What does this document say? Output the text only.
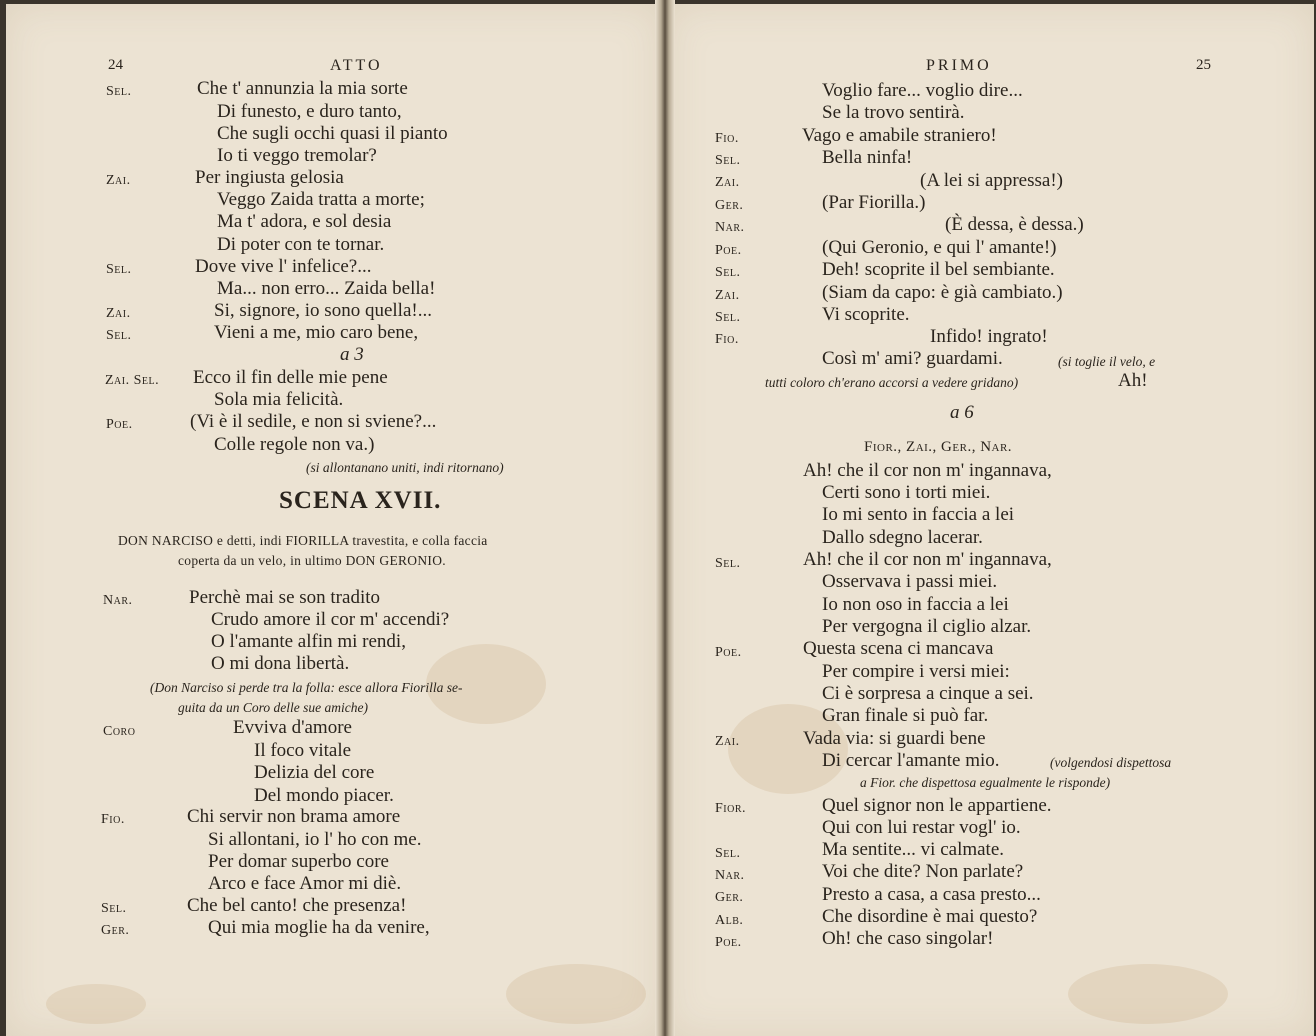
24	ATTO
Sel.	Che t' annunzia la mia sorte
Di funesto, e duro tanto,
Che sugli occhi quasi il pianto
Io ti veggo tremolar?
Zai.	Per ingiusta gelosia
Veggo Zaida tratta a morte;
Ma t' adora, e sol desia
Di poter con te tornar.
Sel.	Dove vive l' infelice?...
Ma... non erro... Zaida bella!
Zai.	Si, signore, io sono quella!...
Sel.	Vieni a me, mio caro bene,
a 3
Zai. Sel. Ecco il fin delle mie pene
Sola mia felicità.
Poe.	(Vi è il sedile, e non si sviene?...
Colle regole non va.)
(si allontanano uniti, indi ritornano)
SCENA XVII.
DON NARCISO e detti, indi FIORILLA travestita, e colla faccia
coperta da un velo, in ultimo DON GERONIO.
Nar.	Perchè mai se son tradito
Crudo amore il cor m' accendi?
O l'amante alfin mi rendi,
O mi dona libertà.
(Don Narciso si perde tra la folla: esce allora Fiorilla se-
guita da un Coro delle sue amiche)
Coro	Evviva d'amore
Il foco vitale
Delizia del core
Del mondo piacer.
Fio.	Chi servir non brama amore
Si allontani, io l' ho con me.
Per domar superbo core
Arco e face Amor mi diè.
Sel.	Che bel canto! che presenza!
Ger.	Qui mia moglie ha da venire,
PRIMO	25
Voglio fare... voglio dire...
Se la trovo sentirà.
Fio.	Vago e amabile straniero!
Sel.	Bella ninfa!
Zai.	(A lei si appressa!)
Ger.	(Par Fiorilla.)
Nar.	(È dessa, è dessa.)
Poe.	(Qui Geronio, e qui l' amante!)
Sel.	Deh! scoprite il bel sembiante.
Zai.	(Siam da capo: è già cambiato.)
Sel.	Vi scoprite.
Fio.	Infido! ingrato!
Così m' ami? guardami.	(si toglie il velo, e
tutti coloro ch'erano accorsi a vedere gridano)	Ah!
a 6
Fior., Zai., Ger., Nar.
Ah! che il cor non m' ingannava,
Certi sono i torti miei.
Io mi sento in faccia a lei
Dallo sdegno lacerar.
Sel.	Ah! che il cor non m' ingannava,
Osservava i passi miei.
Io non oso in faccia a lei
Per vergogna il ciglio alzar.
Poe.	Questa scena ci mancava
Per compire i versi miei:
Ci è sorpresa a cinque a sei.
Gran finale si può far.
Zai.	Vada via: si guardi bene
Di cercar l'amante mio.	(volgendosi dispettosa
a Fior. che dispettosa egualmente le risponde)
Fior.	Quel signor non le appartiene.
Qui con lui restar vogl' io.
Sel.	Ma sentite... vi calmate.
Nar.	Voi che dite? Non parlate?
Ger.	Presto a casa, a casa presto...
Alb.	Che disordine è mai questo?
Poe.	Oh! che caso singolar!
